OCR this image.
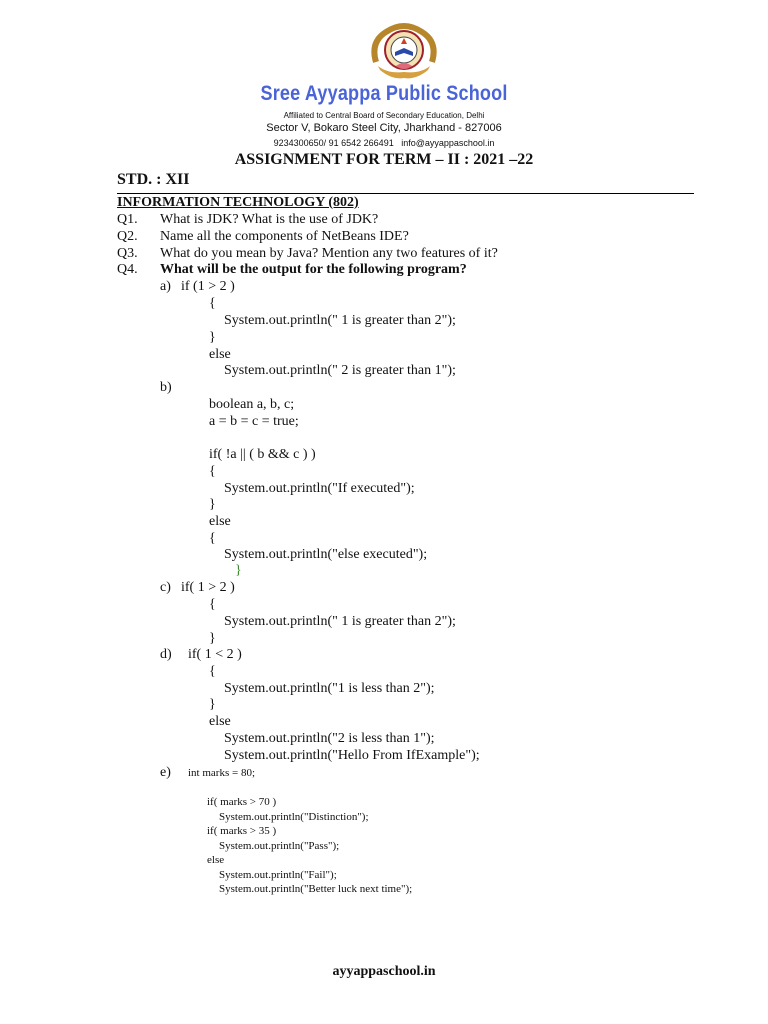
Sree Ayyappa Public School
Affiliated to Central Board of Secondary Education, Delhi
Sector V, Bokaro Steel City, Jharkhand - 827006
9234300650/ 91 6542 266491   info@ayyappaschool.in
ASSIGNMENT FOR TERM – II : 2021 –22
STD. : XII
INFORMATION TECHNOLOGY (802)
Q1. What is JDK? What is the use of JDK?
Q2. Name all the components of NetBeans IDE?
Q3. What do you mean by Java? Mention any two features of it?
Q4. What will be the output for the following program?
a) if (1 > 2 )
{
System.out.println(" 1 is greater than 2");
}
else
System.out.println(" 2 is greater than 1");
b)
boolean a, b, c;
a = b = c = true;
if( !a || ( b && c ) )
{
System.out.println("If executed");
}
else
{
System.out.println("else executed");
}
c) if( 1 > 2 )
{
System.out.println(" 1 is greater than 2");
}
d) if( 1 < 2 )
{
System.out.println("1 is less than 2");
}
else
System.out.println("2 is less than 1");
System.out.println("Hello From IfExample");
e) int marks = 80;
if( marks > 70 )
System.out.println("Distinction");
if( marks > 35 )
System.out.println("Pass");
else
System.out.println("Fail");
System.out.println("Better luck next time");
ayyappaschool.in
